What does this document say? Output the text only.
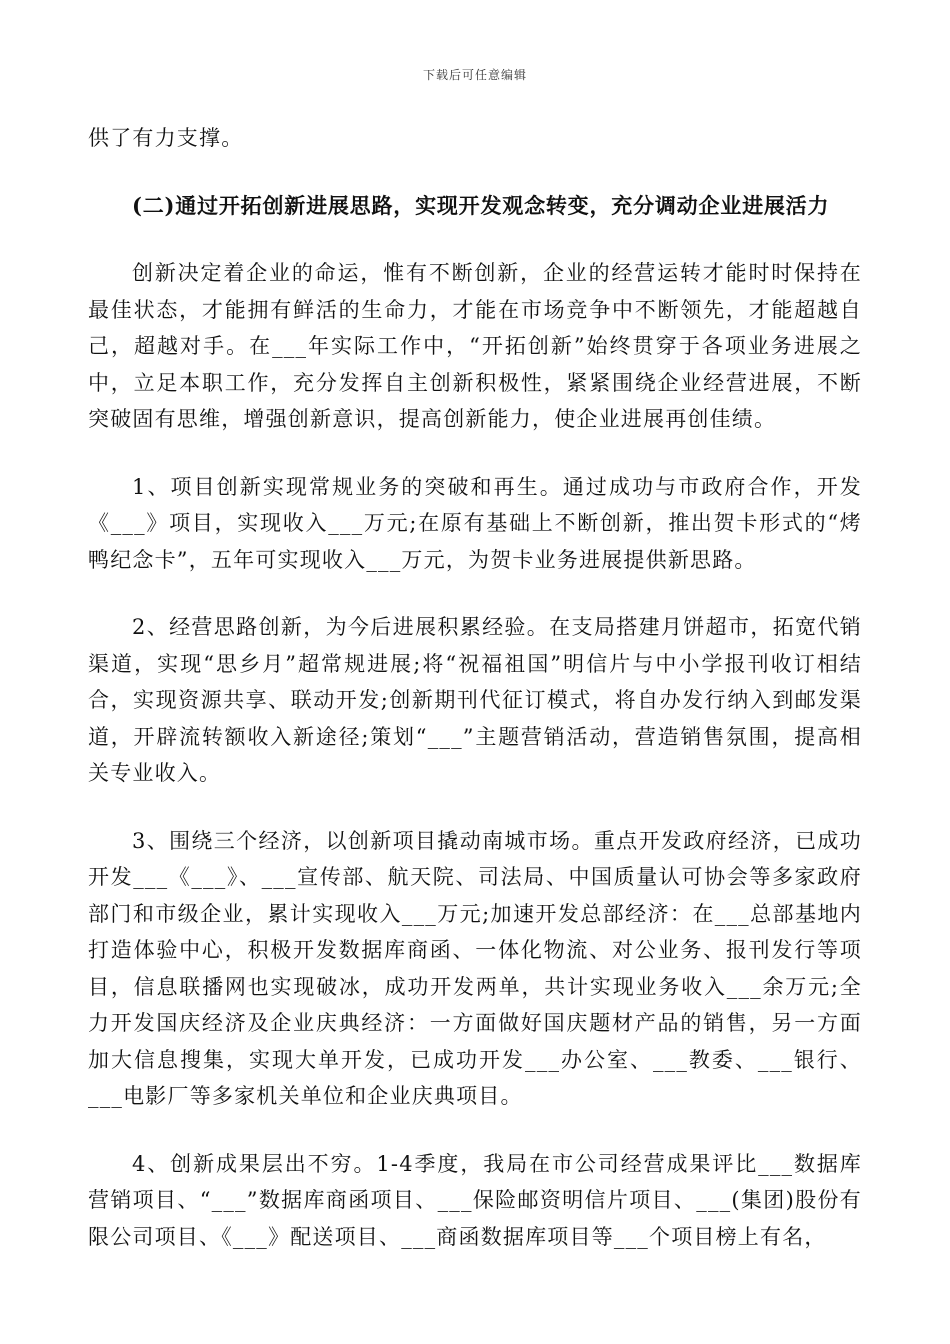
下载后可任意编辑

供了有力支撑。

(二)通过开拓创新进展思路，实现开发观念转变，充分调动企业进展活力

创新决定着企业的命运，惟有不断创新，企业的经营运转才能时时保持在最佳状态，才能拥有鲜活的生命力，才能在市场竞争中不断领先，才能超越自己，超越对手。在___年实际工作中，“开拓创新”始终贯穿于各项业务进展之中，立足本职工作，充分发挥自主创新积极性，紧紧围绕企业经营进展，不断突破固有思维，增强创新意识，提高创新能力，使企业进展再创佳绩。

1、项目创新实现常规业务的突破和再生。通过成功与市政府合作，开发《___》项目，实现收入___万元;在原有基础上不断创新，推出贺卡形式的“烤鸭纪念卡”，五年可实现收入___万元，为贺卡业务进展提供新思路。

2、经营思路创新，为今后进展积累经验。在支局搭建月饼超市，拓宽代销渠道，实现“思乡月”超常规进展;将“祝福祖国”明信片与中小学报刊收订相结合，实现资源共享、联动开发;创新期刊代征订模式，将自办发行纳入到邮发渠道，开辟流转额收入新途径;策划“___”主题营销活动，营造销售氛围，提高相关专业收入。

3、围绕三个经济，以创新项目撬动南城市场。重点开发政府经济，已成功开发___《___》、___宣传部、航天院、司法局、中国质量认可协会等多家政府部门和市级企业，累计实现收入___万元;加速开发总部经济：在___总部基地内打造体验中心，积极开发数据库商函、一体化物流、对公业务、报刊发行等项目，信息联播网也实现破冰，成功开发两单，共计实现业务收入___余万元;全力开发国庆经济及企业庆典经济：一方面做好国庆题材产品的销售，另一方面加大信息搜集，实现大单开发，已成功开发___办公室、___教委、___银行、___电影厂等多家机关单位和企业庆典项目。

4、创新成果层出不穷。1-4季度，我局在市公司经营成果评比___数据库营销项目、“___”数据库商函项目、___保险邮资明信片项目、___(集团)股份有限公司项目、《___》配送项目、___商函数据库项目等___个项目榜上有名，
